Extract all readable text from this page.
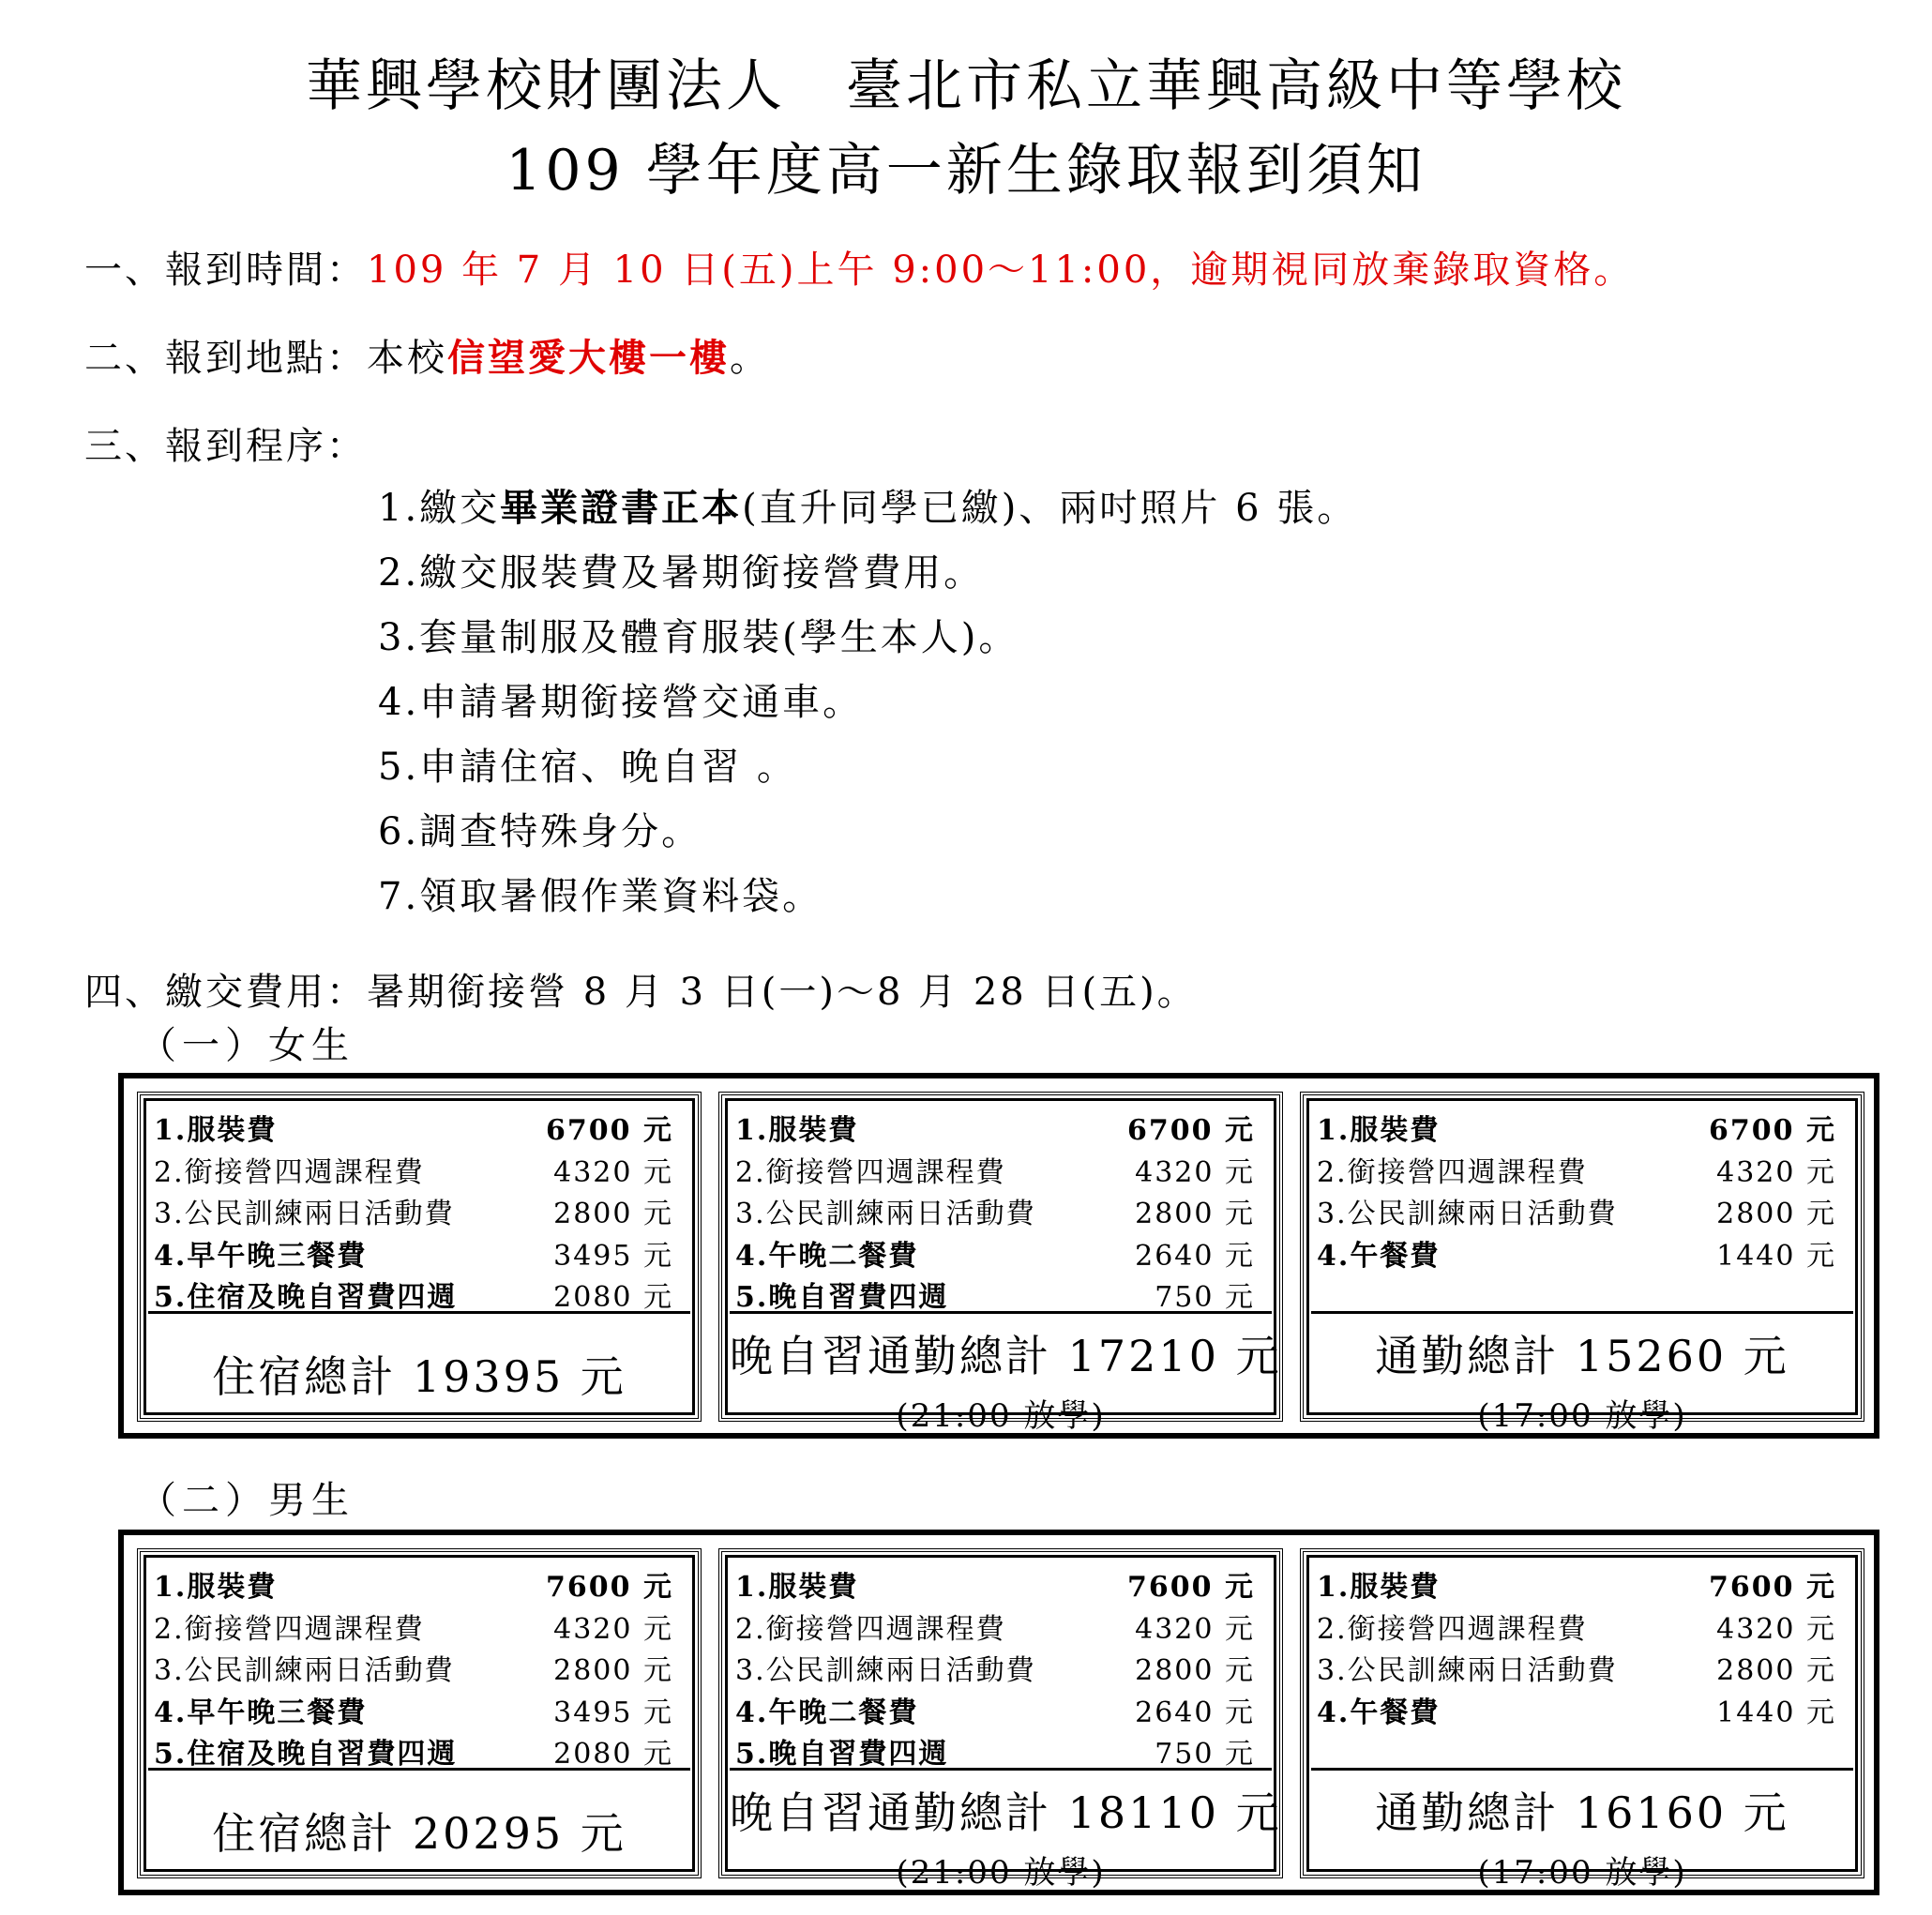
華興學校財團法人　臺北市私立華興高級中等學校
109 學年度高一新生錄取報到須知
一、報到時間：109 年 7 月 10 日(五)上午 9:00～11:00，逾期視同放棄錄取資格。
二、報到地點：本校信望愛大樓一樓。
三、報到程序：
1.繳交畢業證書正本(直升同學已繳)、兩吋照片 6 張。
2.繳交服裝費及暑期銜接營費用。
3.套量制服及體育服裝(學生本人)。
4.申請暑期銜接營交通車。
5.申請住宿、晚自習 。
6.調查特殊身分。
7.領取暑假作業資料袋。
四、繳交費用：暑期銜接營 8 月 3 日(一)～8 月 28 日(五)。
（一）女生
1.服裝費	6700 元
2.銜接營四週課程費	4320 元
3.公民訓練兩日活動費	2800 元
4.早午晚三餐費	3495 元
5.住宿及晚自習費四週	2080 元
住宿總計 19395 元
1.服裝費	6700 元
2.銜接營四週課程費	4320 元
3.公民訓練兩日活動費	2800 元
4.午晚二餐費	2640 元
5.晚自習費四週	750 元
晚自習通勤總計 17210 元
(21:00 放學)
1.服裝費	6700 元
2.銜接營四週課程費	4320 元
3.公民訓練兩日活動費	2800 元
4.午餐費	1440 元
通勤總計 15260 元
(17:00 放學)
（二）男生
1.服裝費	7600 元
2.銜接營四週課程費	4320 元
3.公民訓練兩日活動費	2800 元
4.早午晚三餐費	3495 元
5.住宿及晚自習費四週	2080 元
住宿總計 20295 元
1.服裝費	7600 元
2.銜接營四週課程費	4320 元
3.公民訓練兩日活動費	2800 元
4.午晚二餐費	2640 元
5.晚自習費四週	750 元
晚自習通勤總計 18110 元
(21:00 放學)
1.服裝費	7600 元
2.銜接營四週課程費	4320 元
3.公民訓練兩日活動費	2800 元
4.午餐費	1440 元
通勤總計 16160 元
(17:00 放學)
